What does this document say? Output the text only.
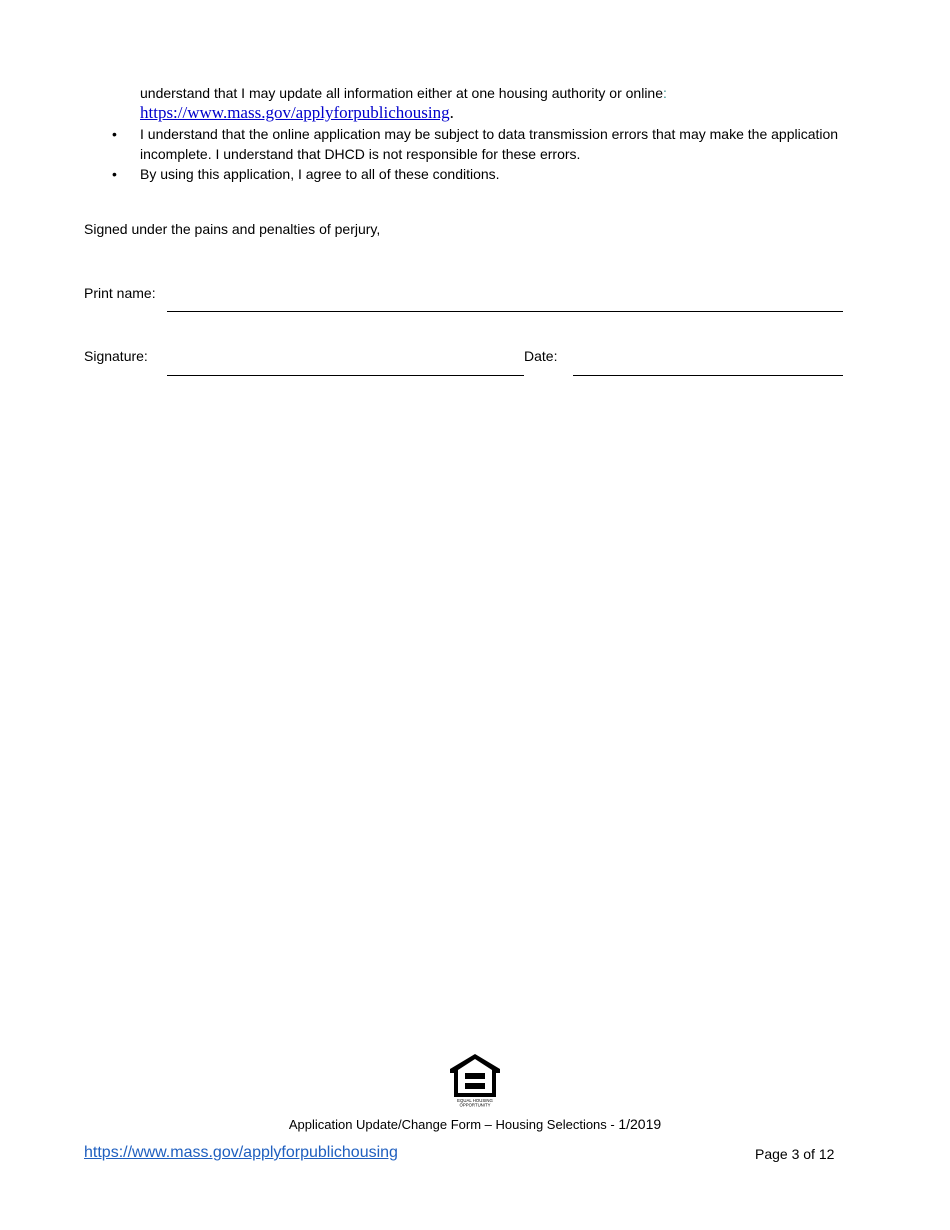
understand that I may update all information either at one housing authority or online:
https://www.mass.gov/applyforpublichousing.
• I understand that the online application may be subject to data transmission errors that may make the application incomplete. I understand that DHCD is not responsible for these errors.
• By using this application, I agree to all of these conditions.
Signed under the pains and penalties of perjury,
Print name:
Signature:	Date:
EQUAL HOUSING
OPPORTUNITY
Application Update/Change Form – Housing Selections - 1/2019
https://www.mass.gov/applyforpublichousing	Page 3 of 12
